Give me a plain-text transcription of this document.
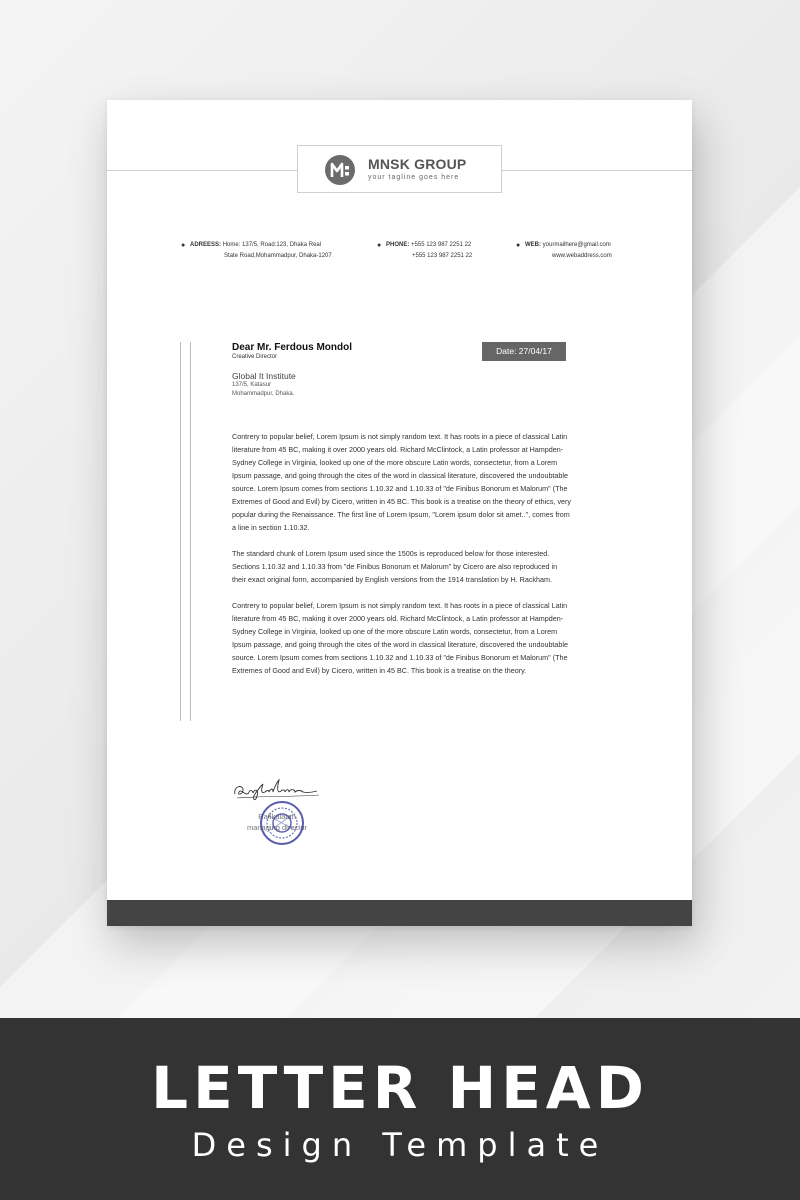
MNSK GROUP
your tagline goes here
● ADREESS: Home: 137/5, Road:123, Dhaka Real
State Road,Mohammadpur, Dhaka-1207
● PHONE: +555 123 987 2251 22
+555 123 987 2251 22
● WEB: yourmailhere@gmail.com
www.webaddress.com
Dear Mr. Ferdous Mondol
Creative Director
Global It Institute
137/5, Katasur
Mohammadpur, Dhaka.
Date: 27/04/17

Contrery to popular belief, Lorem Ipsum is not simply random text. It has roots in a piece of classical Latin literature from 45 BC, making it over 2000 years old. Richard McClintock, a Latin professor at Hampden-Sydney College in Virginia, looked up one of the more obscure Latin words, consectetur, from a Lorem Ipsum passage, and going through the cites of the word in classical literature, discovered the undoubtable source. Lorem Ipsum comes from sections 1.10.32 and 1.10.33 of "de Finibus Bonorum et Malorum" (The Extremes of Good and Evil) by Cicero, written in 45 BC. This book is a treatise on the theory of ethics, very popular during the Renaissance. The first line of Lorem Ipsum, "Lorem ipsum dolor sit amet..", comes from a line in section 1.10.32.

The standard chunk of Lorem Ipsum used since the 1500s is reproduced below for those interested. Sections 1.10.32 and 1.10.33 from "de Finibus Bonorum et Malorum" by Cicero are also reproduced in their exact original form, accompanied by English versions from the 1914 translation by H. Rackham.

Contrery to popular belief, Lorem Ipsum is not simply random text. It has roots in a piece of classical Latin literature from 45 BC, making it over 2000 years old. Richard McClintock, a Latin professor at Hampden-Sydney College in Virginia, looked up one of the more obscure Latin words, consectetur, from a Lorem Ipsum passage, and going through the cites of the word in classical literature, discovered the undoubtable source. Lorem Ipsum comes from sections 1.10.32 and 1.10.33 of "de Finibus Bonorum et Malorum" (The Extremes of Good and Evil) by Cicero, written in 45 BC. This book is a treatise on the theory.

Rafikalatan
managing director
LETTER HEAD
Design Template
